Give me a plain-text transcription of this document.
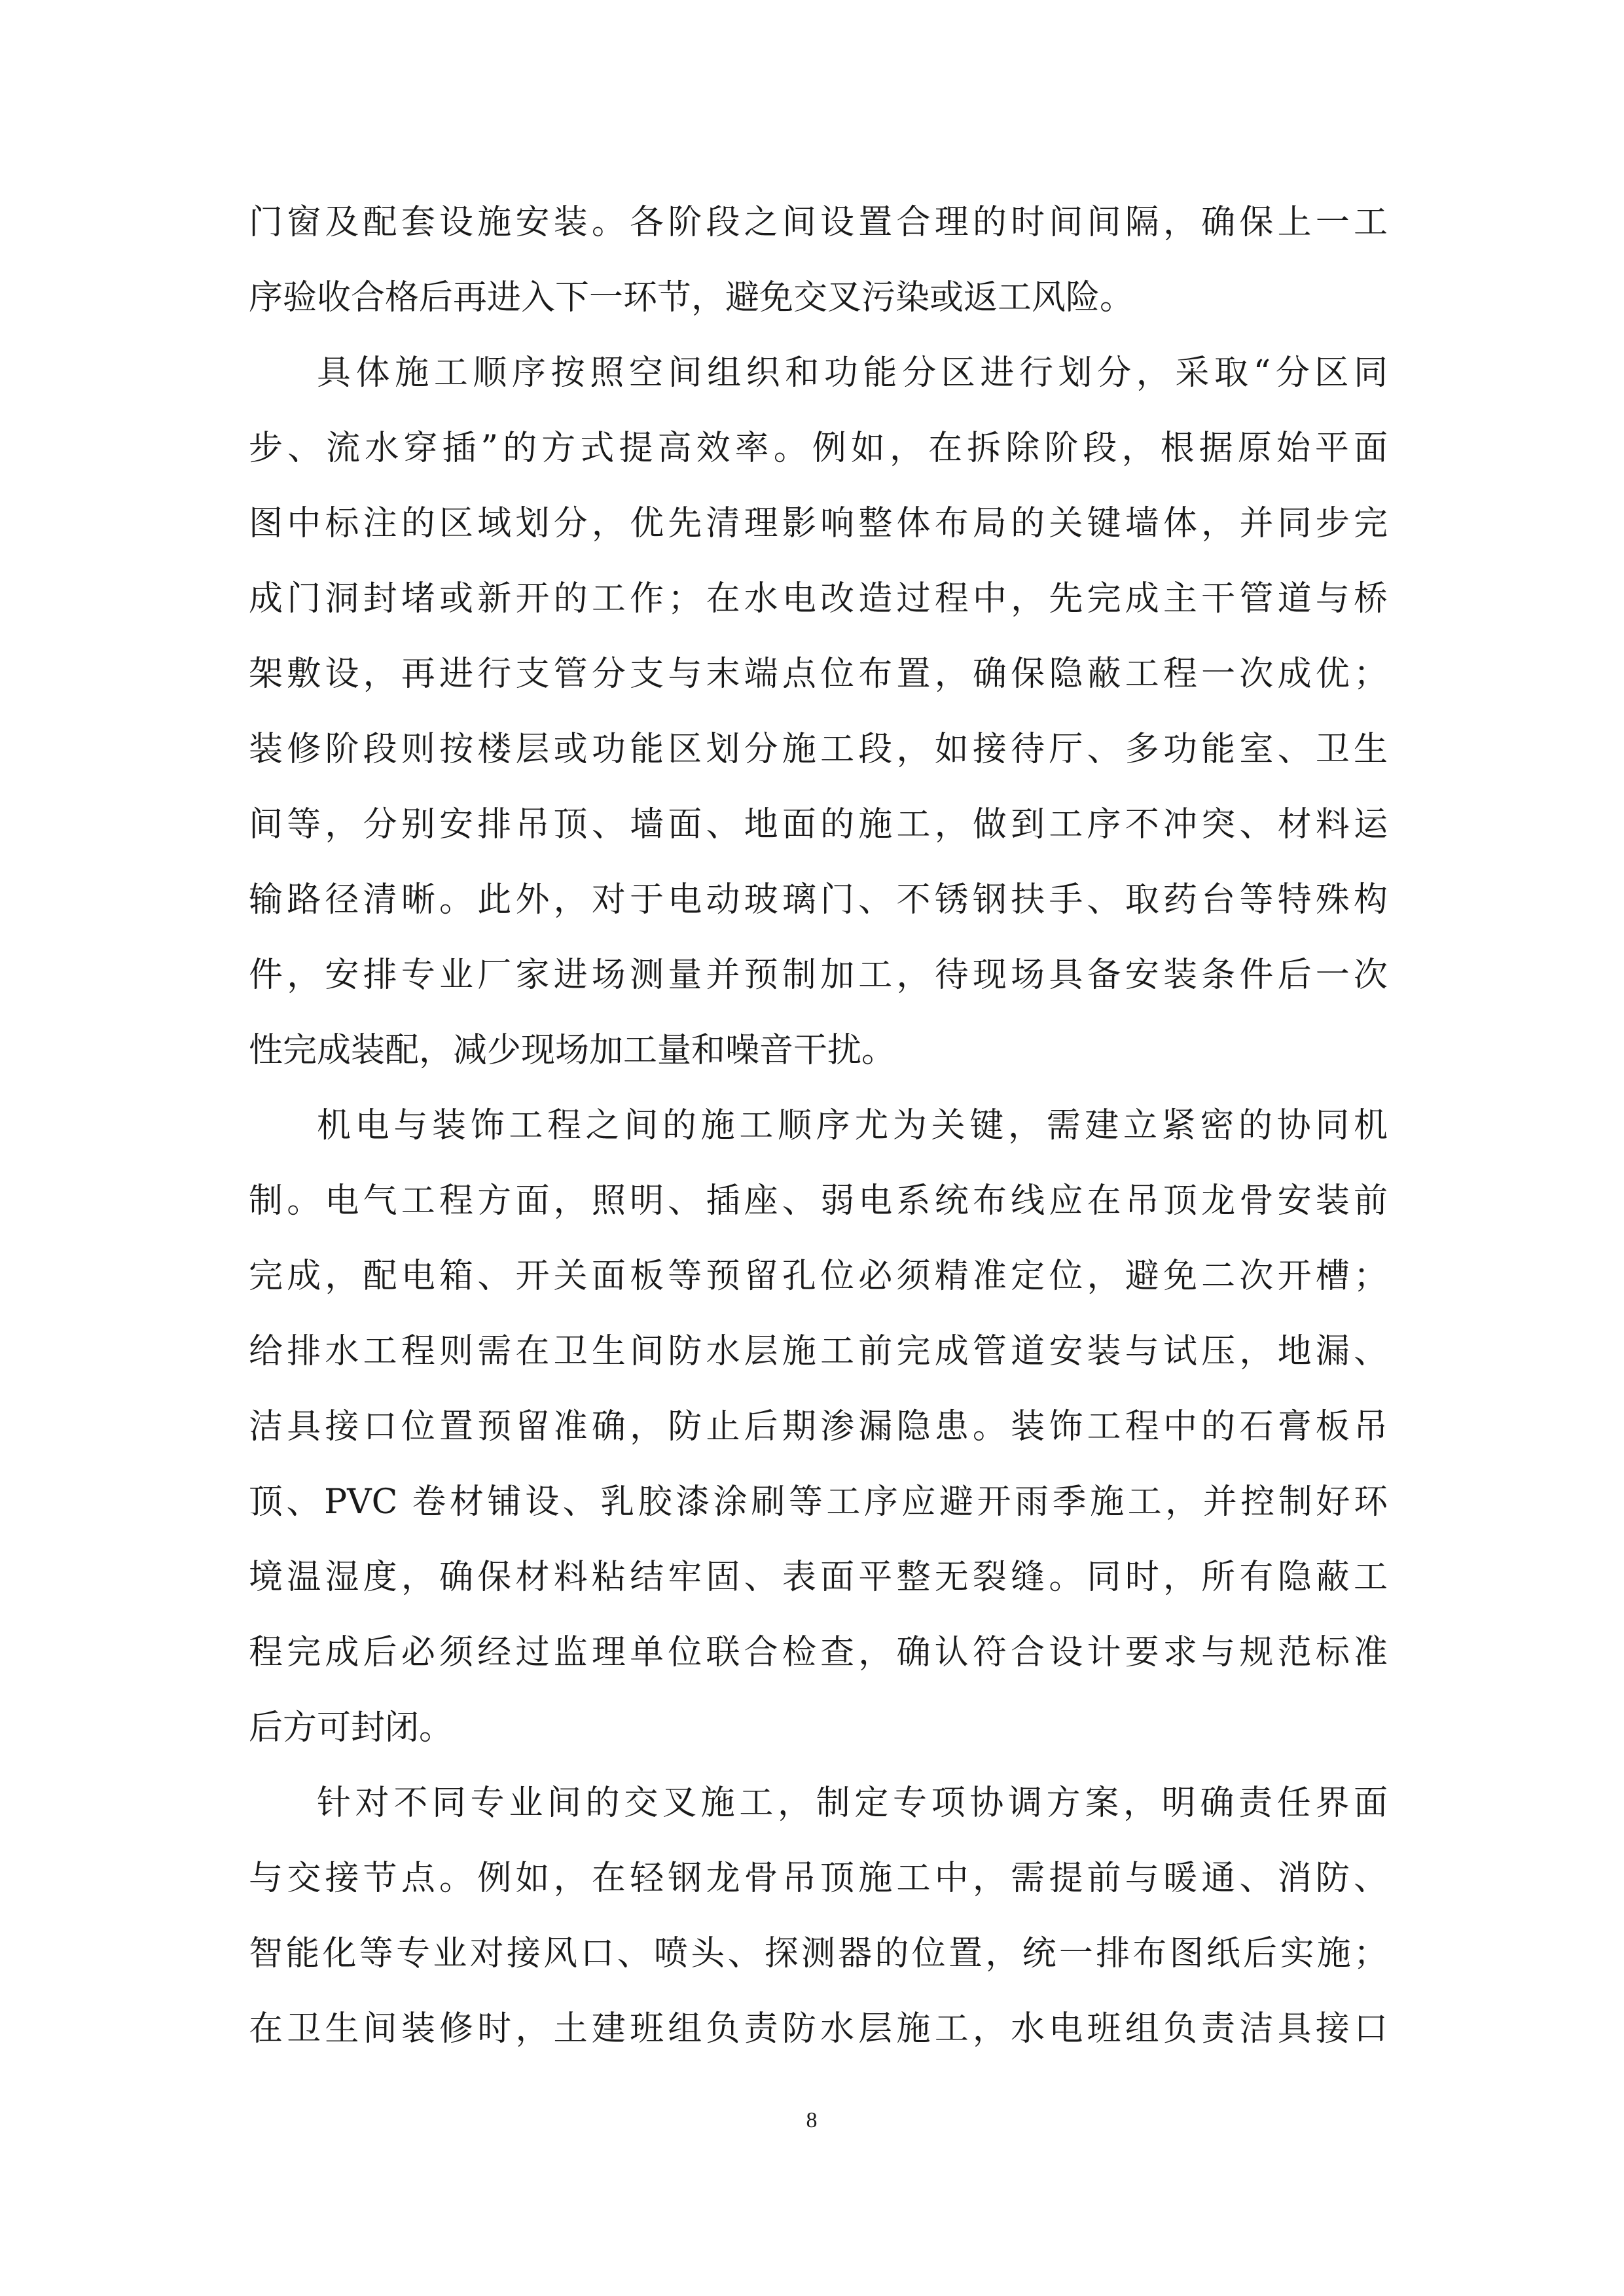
门窗及配套设施安装。各阶段之间设置合理的时间间隔，确保上一工
序验收合格后再进入下一环节，避免交叉污染或返工风险。
具体施工顺序按照空间组织和功能分区进行划分，采取“分区同
步、流水穿插”的方式提高效率。例如，在拆除阶段，根据原始平面
图中标注的区域划分，优先清理影响整体布局的关键墙体，并同步完
成门洞封堵或新开的工作；在水电改造过程中，先完成主干管道与桥
架敷设，再进行支管分支与末端点位布置，确保隐蔽工程一次成优；
装修阶段则按楼层或功能区划分施工段，如接待厅、多功能室、卫生
间等，分别安排吊顶、墙面、地面的施工，做到工序不冲突、材料运
输路径清晰。此外，对于电动玻璃门、不锈钢扶手、取药台等特殊构
件，安排专业厂家进场测量并预制加工，待现场具备安装条件后一次
性完成装配，减少现场加工量和噪音干扰。
机电与装饰工程之间的施工顺序尤为关键，需建立紧密的协同机
制。电气工程方面，照明、插座、弱电系统布线应在吊顶龙骨安装前
完成，配电箱、开关面板等预留孔位必须精准定位，避免二次开槽；
给排水工程则需在卫生间防水层施工前完成管道安装与试压，地漏、
洁具接口位置预留准确，防止后期渗漏隐患。装饰工程中的石膏板吊
顶、PVC 卷材铺设、乳胶漆涂刷等工序应避开雨季施工，并控制好环
境温湿度，确保材料粘结牢固、表面平整无裂缝。同时，所有隐蔽工
程完成后必须经过监理单位联合检查，确认符合设计要求与规范标准
后方可封闭。
针对不同专业间的交叉施工，制定专项协调方案，明确责任界面
与交接节点。例如，在轻钢龙骨吊顶施工中，需提前与暖通、消防、
智能化等专业对接风口、喷头、探测器的位置，统一排布图纸后实施；
在卫生间装修时，土建班组负责防水层施工，水电班组负责洁具接口
8
